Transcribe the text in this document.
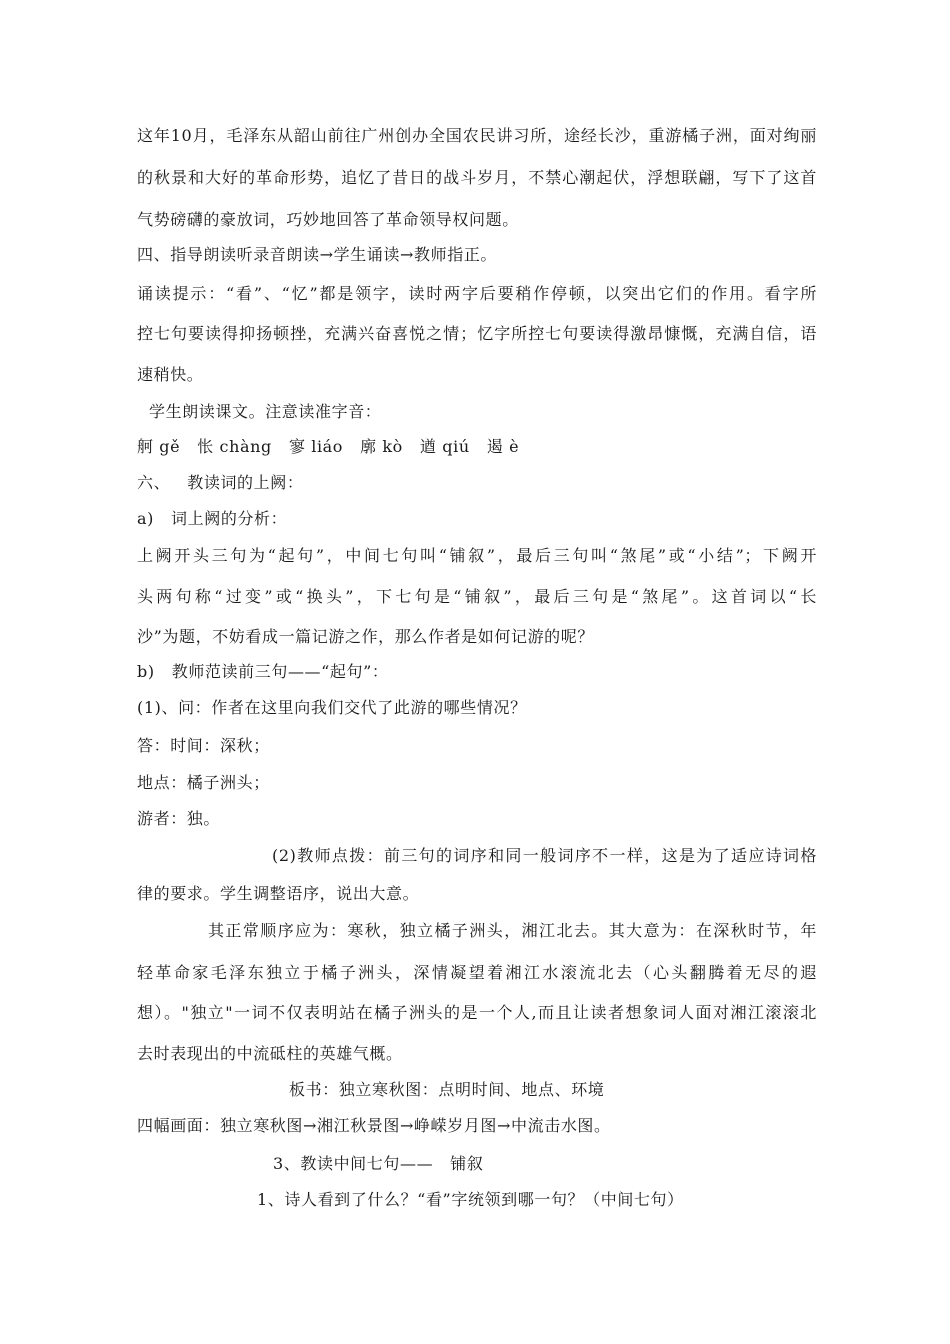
这年10月，毛泽东从韶山前往广州创办全国农民讲习所，途经长沙，重游橘子洲，面对绚丽
的秋景和大好的革命形势，追忆了昔日的战斗岁月，不禁心潮起伏，浮想联翩，写下了这首
气势磅礴的豪放词，巧妙地回答了革命领导权问题。
四、指导朗读听录音朗读→学生诵读→教师指正。
诵读提示：“看”、“忆”都是领字，读时两字后要稍作停顿，以突出它们的作用。看字所
控七句要读得抑扬顿挫，充满兴奋喜悦之情；忆字所控七句要读得激昂慷慨，充满自信，语
速稍快。
学生朗读课文。注意读准字音：
舸 gě   怅 chàng   寥 liáo   廓 kò   遒 qiú   遏 è
六、   教读词的上阙：
a)   词上阙的分析：
上阙开头三句为“起句”，中间七句叫“铺叙”，最后三句叫“煞尾”或“小结”；下阙开
头两句称“过变”或“换头”，下七句是“铺叙”，最后三句是“煞尾”。这首词以“长
沙”为题，不妨看成一篇记游之作，那么作者是如何记游的呢？
b)   教师范读前三句——“起句”：
(1)、问：作者在这里向我们交代了此游的哪些情况？
答：时间：深秋；
地点：橘子洲头；
游者：独。
(2)教师点拨：前三句的词序和同一般词序不一样，这是为了适应诗词格
律的要求。学生调整语序，说出大意。
其正常顺序应为：寒秋，独立橘子洲头，湘江北去。其大意为：在深秋时节，年
轻革命家毛泽东独立于橘子洲头，深情凝望着湘江水滚流北去（心头翻腾着无尽的遐
想）。"独立"一词不仅表明站在橘子洲头的是一个人,而且让读者想象词人面对湘江滚滚北
去时表现出的中流砥柱的英雄气概。
板书：独立寒秋图：点明时间、地点、环境
四幅画面：独立寒秋图→湘江秋景图→峥嵘岁月图→中流击水图。
3、教读中间七句——   铺叙
1、诗人看到了什么？“看”字统领到哪一句？（中间七句）
